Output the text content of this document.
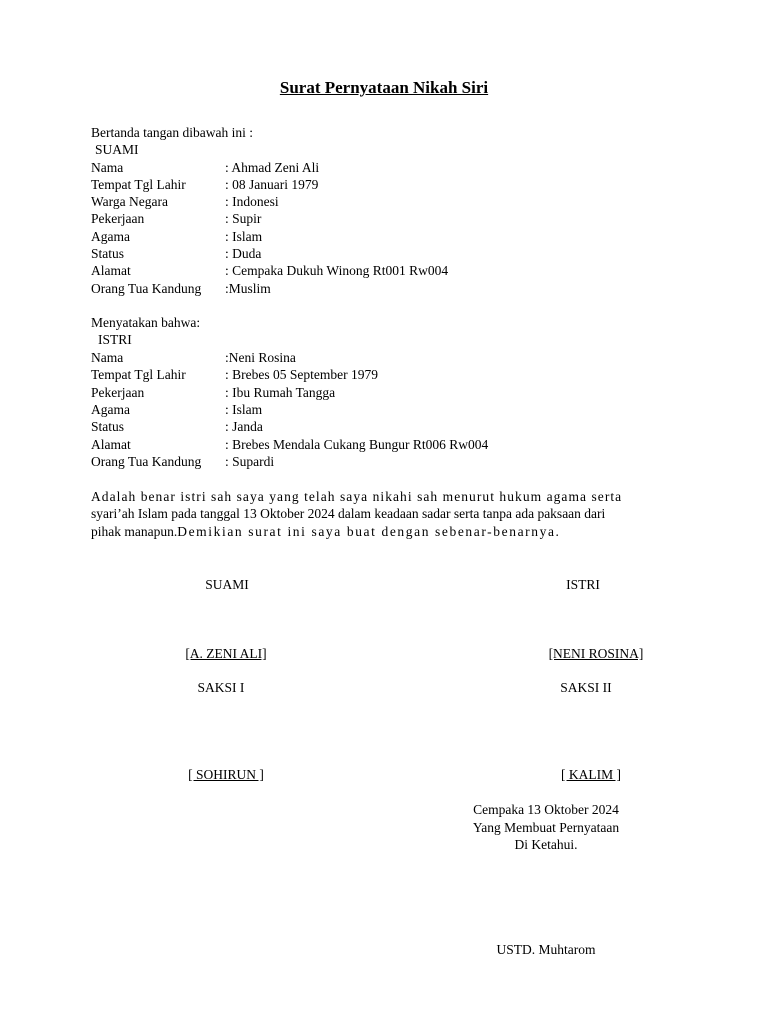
Surat Pernyataan Nikah Siri
Bertanda tangan dibawah ini :
SUAMI
Nama	: Ahmad Zeni Ali
Tempat Tgl Lahir	: 08 Januari 1979
Warga Negara	: Indonesi
Pekerjaan	: Supir
Agama	: Islam
Status	: Duda
Alamat	: Cempaka Dukuh Winong Rt001 Rw004
Orang Tua Kandung :Muslim
Menyatakan bahwa:
ISTRI
Nama	:Neni Rosina
Tempat Tgl Lahir	: Brebes 05 September 1979
Pekerjaan	: Ibu Rumah Tangga
Agama	: Islam
Status	: Janda
Alamat	: Brebes Mendala Cukang Bungur Rt006 Rw004
Orang Tua Kandung : Supardi
Adalah benar istri sah saya yang telah saya nikahi sah menurut hukum agama serta
syari’ah Islam pada tanggal 13 Oktober 2024 dalam keadaan sadar serta tanpa ada paksaan dari
pihak manapun.Demikian surat ini saya buat dengan sebenar-benarnya.
SUAMI	ISTRI
[A. ZENI ALI]	[NENI ROSINA]
SAKSI I	SAKSI II
[ SOHIRUN ]	[ KALIM ]
Cempaka 13 Oktober 2024
Yang Membuat Pernyataan
Di Ketahui.
USTD. Muhtarom
